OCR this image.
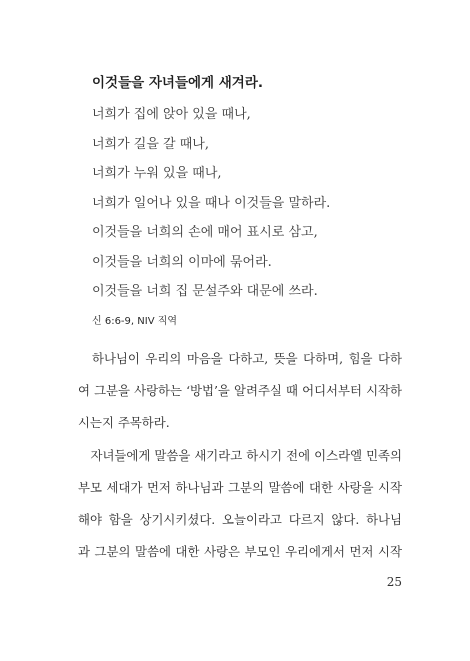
이것들을 자녀들에게 새겨라.
너희가 집에 앉아 있을 때나,
너희가 길을 갈 때나,
너희가 누워 있을 때나,
너희가 일어나 있을 때나 이것들을 말하라.
이것들을 너희의 손에 매어 표시로 삼고,
이것들을 너희의 이마에 묶어라.
이것들을 너희 집 문설주와 대문에 쓰라.
신 6:6-9, NIV 직역

　하나님이 우리의 마음을 다하고, 뜻을 다하며, 힘을 다하
여 그분을 사랑하는 ‘방법’을 알려주실 때 어디서부터 시작하
시는지 주목하라.

　자녀들에게 말씀을 새기라고 하시기 전에 이스라엘 민족의
부모 세대가 먼저 하나님과 그분의 말씀에 대한 사랑을 시작
해야 함을 상기시키셨다. 오늘이라고 다르지 않다. 하나님
과 그분의 말씀에 대한 사랑은 부모인 우리에게서 먼저 시작

25
